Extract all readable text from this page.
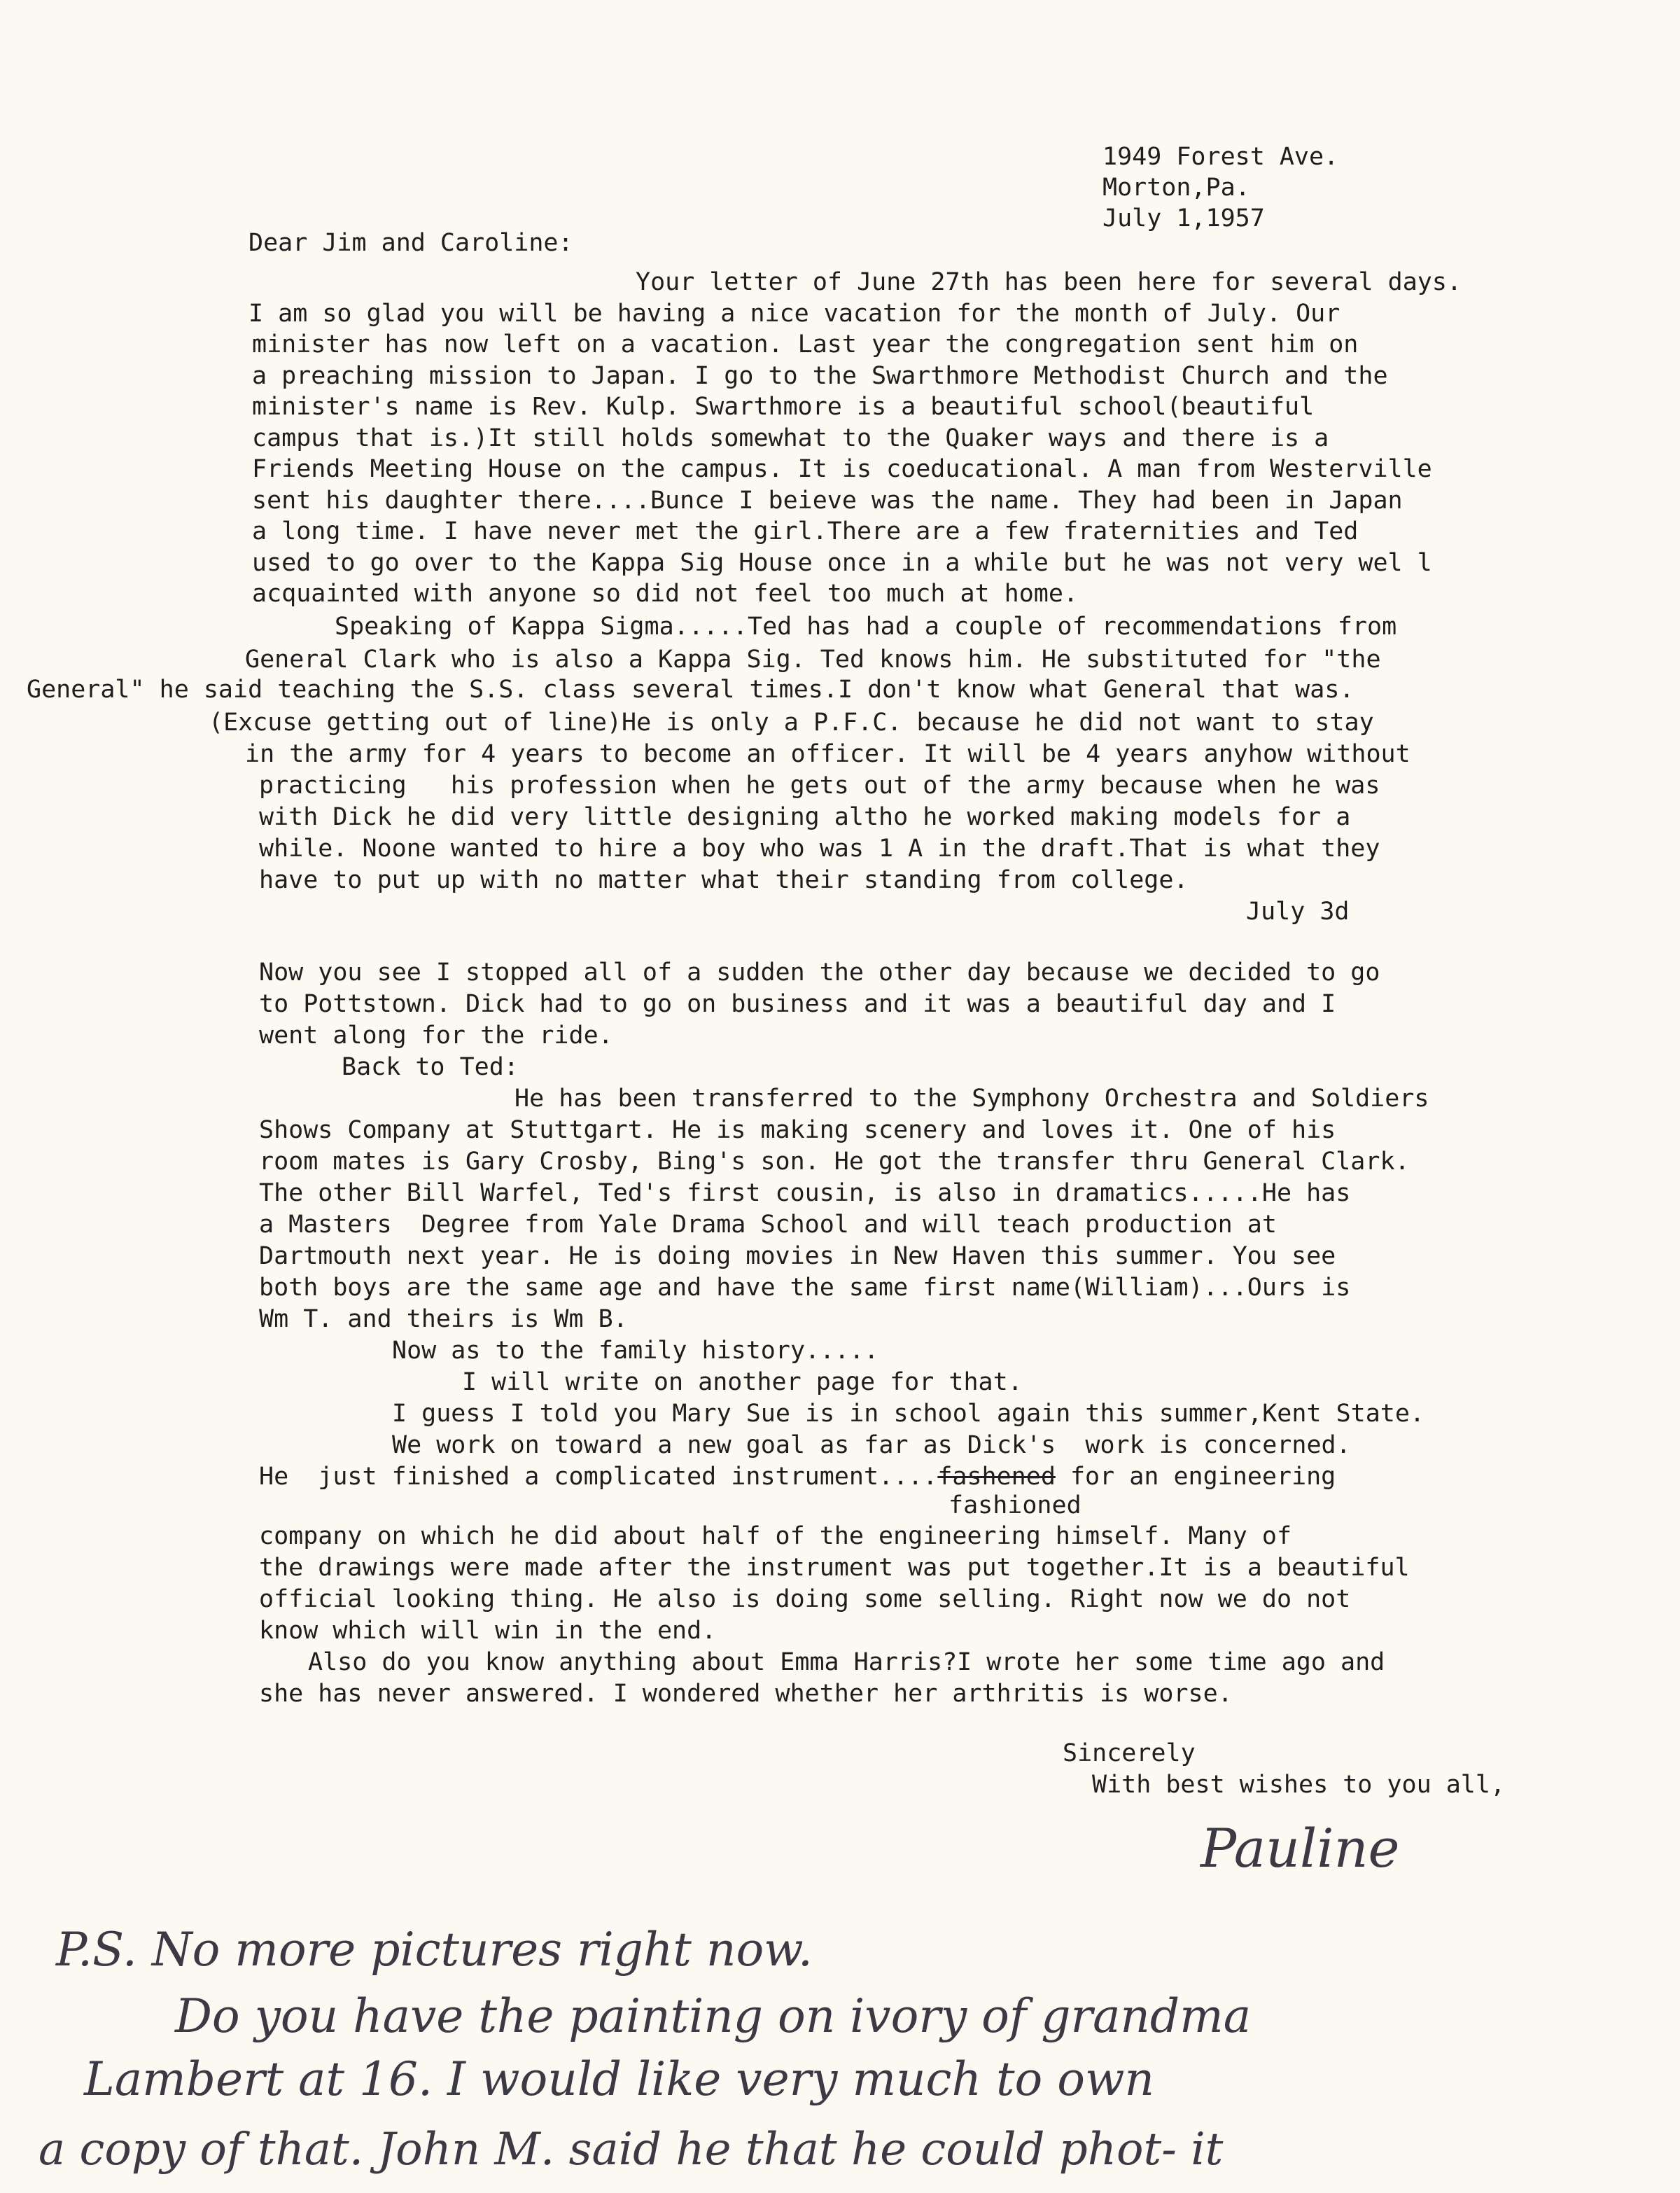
1949 Forest Ave.
Morton,Pa.
July 1,1957
Dear Jim and Caroline:
Your letter of June 27th has been here for several days.
I am so glad you will be having a nice vacation for the month of July. Our
minister has now left on a vacation. Last year the congregation sent him on
a preaching mission to Japan. I go to the Swarthmore Methodist Church and the
minister's name is Rev. Kulp. Swarthmore is a beautiful school(beautiful
campus that is.)It still holds somewhat to the Quaker ways and there is a
Friends Meeting House on the campus. It is coeducational. A man from Westerville
sent his daughter there....Bunce I beieve was the name. They had been in Japan
a long time. I have never met the girl.There are a few fraternities and Ted
used to go over to the Kappa Sig House once in a while but he was not very wel l
acquainted with anyone so did not feel too much at home.
Speaking of Kappa Sigma.....Ted has had a couple of recommendations from
General Clark who is also a Kappa Sig. Ted knows him. He substituted for "the
General" he said teaching the S.S. class several times.I don't know what General that was.
(Excuse getting out of line)He is only a P.F.C. because he did not want to stay
in the army for 4 years to become an officer. It will be 4 years anyhow without
practicing   his profession when he gets out of the army because when he was
with Dick he did very little designing altho he worked making models for a
while. Noone wanted to hire a boy who was 1 A in the draft.That is what they
have to put up with no matter what their standing from college.
July 3d
Now you see I stopped all of a sudden the other day because we decided to go
to Pottstown. Dick had to go on business and it was a beautiful day and I
went along for the ride.
Back to Ted:
He has been transferred to the Symphony Orchestra and Soldiers
Shows Company at Stuttgart. He is making scenery and loves it. One of his
room mates is Gary Crosby, Bing's son. He got the transfer thru General Clark.
The other Bill Warfel, Ted's first cousin, is also in dramatics.....He has
a Masters  Degree from Yale Drama School and will teach production at
Dartmouth next year. He is doing movies in New Haven this summer. You see
both boys are the same age and have the same first name(William)...Ours is
Wm T. and theirs is Wm B.
Now as to the family history.....
I will write on another page for that.
I guess I told you Mary Sue is in school again this summer,Kent State.
We work on toward a new goal as far as Dick's  work is concerned.
He  just finished a complicated instrument....fashened for an engineering
fashioned
company on which he did about half of the engineering himself. Many of
the drawings were made after the instrument was put together.It is a beautiful
official looking thing. He also is doing some selling. Right now we do not
know which will win in the end.
Also do you know anything about Emma Harris?I wrote her some time ago and
she has never answered. I wondered whether her arthritis is worse.
Sincerely
With best wishes to you all,
Pauline
P.S. No more pictures right now.
Do you have the painting on ivory of grandma
Lambert at 16. I would like very much to own
a copy of that. John M. said he that he could phot- it
